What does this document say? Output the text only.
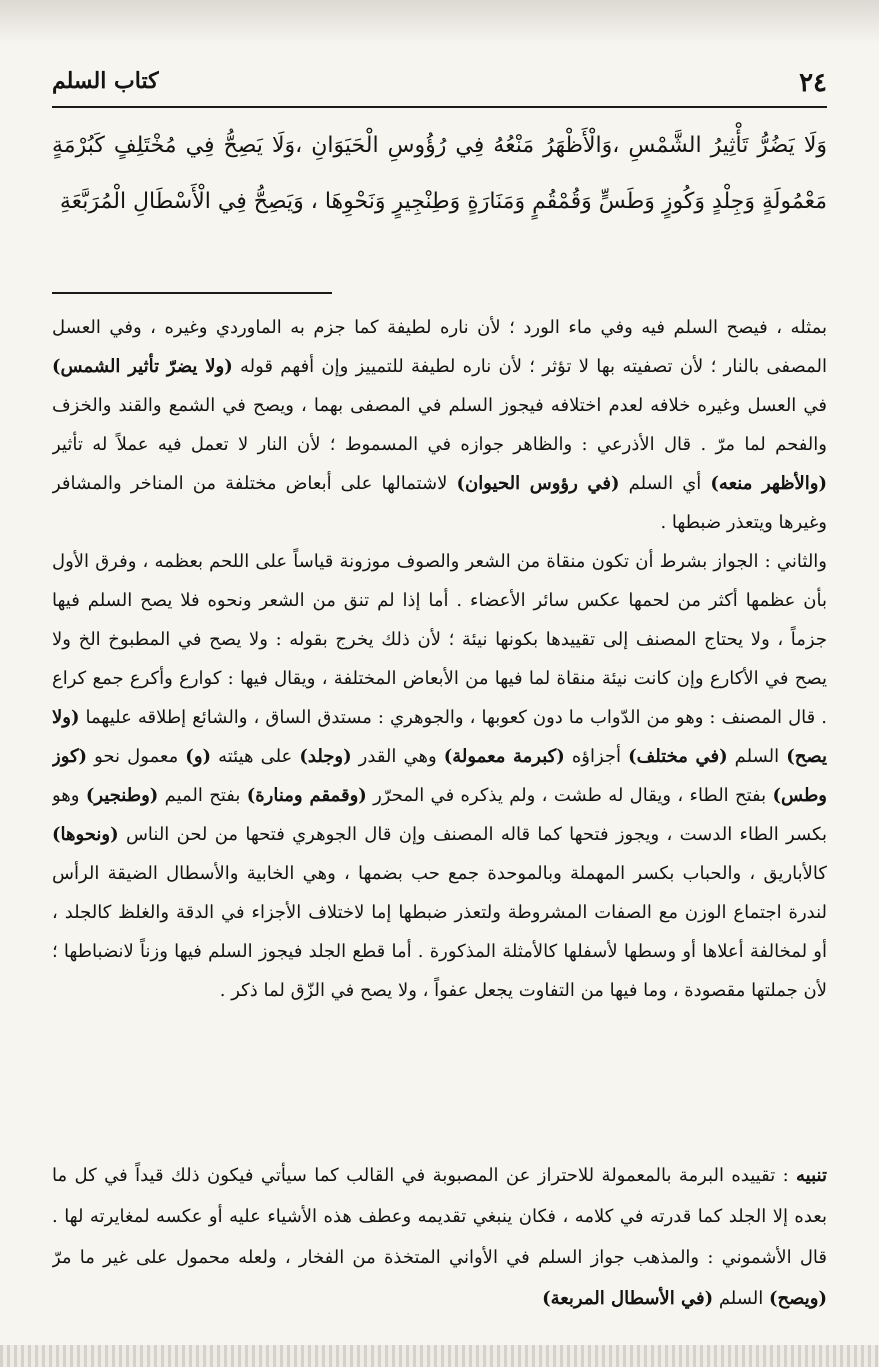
٢٤
كتاب السلم
وَلَا يَضُرُّ تَأْثِيرُ الشَّمْسِ ،وَالْأَظْهَرُ مَنْعُهُ فِي رُؤُوسِ الْحَيَوَانِ ،وَلَا يَصِحُّ فِي مُخْتَلِفٍ كَبُرْمَةٍ مَعْمُولَةٍ وَجِلْدٍ وَكُوزٍ وَطَسٍّ وَقُمْقُمٍ وَمَنَارَةٍ وَطِنْجِيرٍ وَنَحْوِهَا ، وَيَصِحُّ فِي الْأَسْطَالِ الْمُرَبَّعَةِ

بمثله ، فيصح السلم فيه وفي ماء الورد ؛ لأن ناره لطيفة كما جزم به الماوردي وغيره ، وفي العسل المصفى بالنار ؛ لأن تصفيته بها لا تؤثر ؛ لأن ناره لطيفة للتمييز وإن أفهم قوله (ولا يضرّ تأثير الشمس) في العسل وغيره خلافه لعدم اختلافه فيجوز السلم في المصفى بهما ، ويصح في الشمع والقند والخزف والفحم لما مرّ . قال الأذرعي : والظاهر جوازه في المسموط ؛ لأن النار لا تعمل فيه عملاً له تأثير (والأظهر منعه) أي السلم (في رؤوس الحيوان) لاشتمالها على أبعاض مختلفة من المناخر والمشافر وغيرها ويتعذر ضبطها .

والثاني : الجواز بشرط أن تكون منقاة من الشعر والصوف موزونة قياساً على اللحم بعظمه ، وفرق الأول بأن عظمها أكثر من لحمها عكس سائر الأعضاء . أما إذا لم تنق من الشعر ونحوه فلا يصح السلم فيها جزماً ، ولا يحتاج المصنف إلى تقييدها بكونها نيئة ؛ لأن ذلك يخرج بقوله : ولا يصح في المطبوخ الخ ولا يصح في الأكارع وإن كانت نيئة منقاة لما فيها من الأبعاض المختلفة ، ويقال فيها : كوارع وأكرع جمع كراع . قال المصنف : وهو من الدّواب ما دون كعوبها ، والجوهري : مستدق الساق ، والشائع إطلاقه عليهما (ولا يصح) السلم (في مختلف) أجزاؤه (كبرمة معمولة) وهي القدر (وجلد) على هيئته (و) معمول نحو (كوز وطس) بفتح الطاء ، ويقال له طشت ، ولم يذكره في المحرّر (وقمقم ومنارة) بفتح الميم (وطنجير) وهو بكسر الطاء الدست ، ويجوز فتحها كما قاله المصنف وإن قال الجوهري فتحها من لحن الناس (ونحوها) كالأباريق ، والحباب بكسر المهملة وبالموحدة جمع حب بضمها ، وهي الخابية والأسطال الضيقة الرأس لندرة اجتماع الوزن مع الصفات المشروطة ولتعذر ضبطها إما لاختلاف الأجزاء في الدقة والغلظ كالجلد ، أو لمخالفة أعلاها أو وسطها لأسفلها كالأمثلة المذكورة . أما قطع الجلد فيجوز السلم فيها وزناً لانضباطها ؛ لأن جملتها مقصودة ، وما فيها من التفاوت يجعل عفواً ، ولا يصح في الزّق لما ذكر .

تنبيه : تقييده البرمة بالمعمولة للاحتراز عن المصبوبة في القالب كما سيأتي فيكون ذلك قيداً في كل ما بعده إلا الجلد كما قدرته في كلامه ، فكان ينبغي تقديمه وعطف هذه الأشياء عليه أو عكسه لمغايرته لها . قال الأشموني : والمذهب جواز السلم في الأواني المتخذة من الفخار ، ولعله محمول على غير ما مرّ (ويصح) السلم (في الأسطال المربعة)
